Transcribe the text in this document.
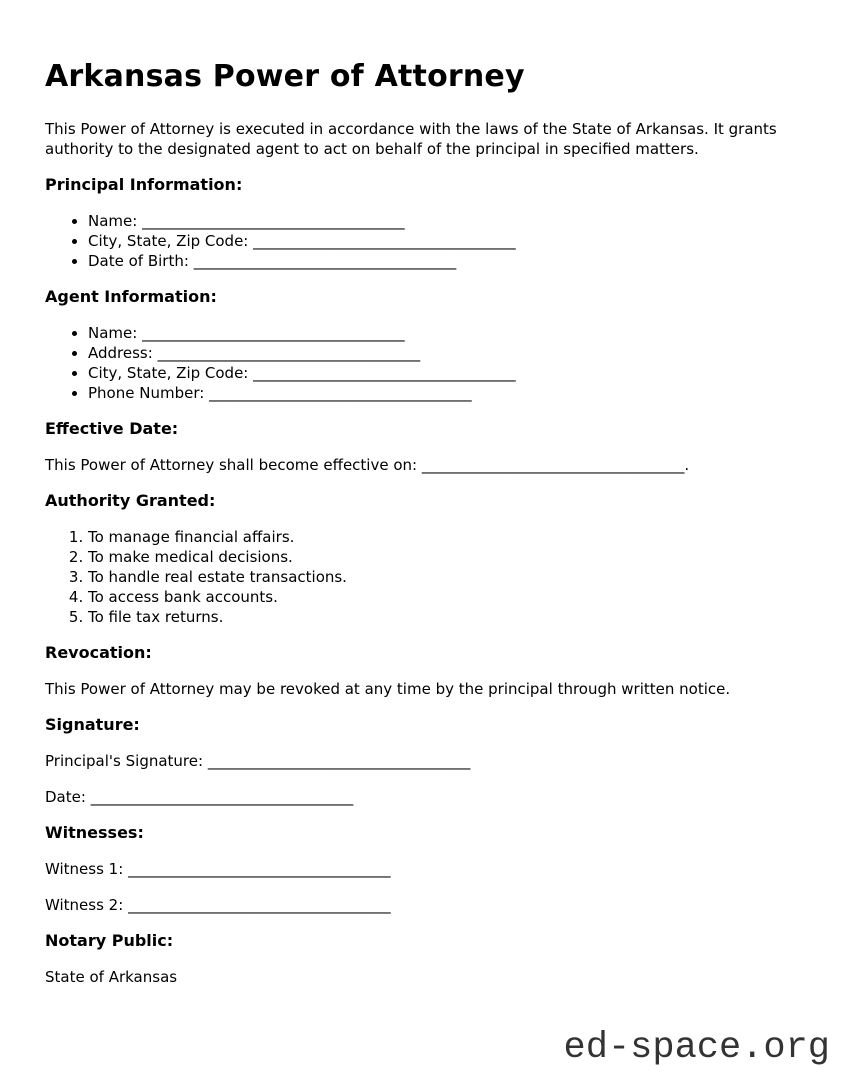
Arkansas Power of Attorney

This Power of Attorney is executed in accordance with the laws of the State of Arkansas. It grants authority to the designated agent to act on behalf of the principal in specified matters.

Principal Information:
• Name: ___________________________________
• City, State, Zip Code: ___________________________________
• Date of Birth: ___________________________________
Agent Information:
• Name: ___________________________________
• Address: ___________________________________
• City, State, Zip Code: ___________________________________
• Phone Number: ___________________________________
Effective Date:

This Power of Attorney shall become effective on: ___________________________________.

Authority Granted:
1. To manage financial affairs.
2. To make medical decisions.
3. To handle real estate transactions.
4. To access bank accounts.
5. To file tax returns.
Revocation:

This Power of Attorney may be revoked at any time by the principal through written notice.

Signature:

Principal's Signature: ___________________________________

Date: ___________________________________

Witnesses:

Witness 1: ___________________________________

Witness 2: ___________________________________

Notary Public:

State of Arkansas

ed-space.org
